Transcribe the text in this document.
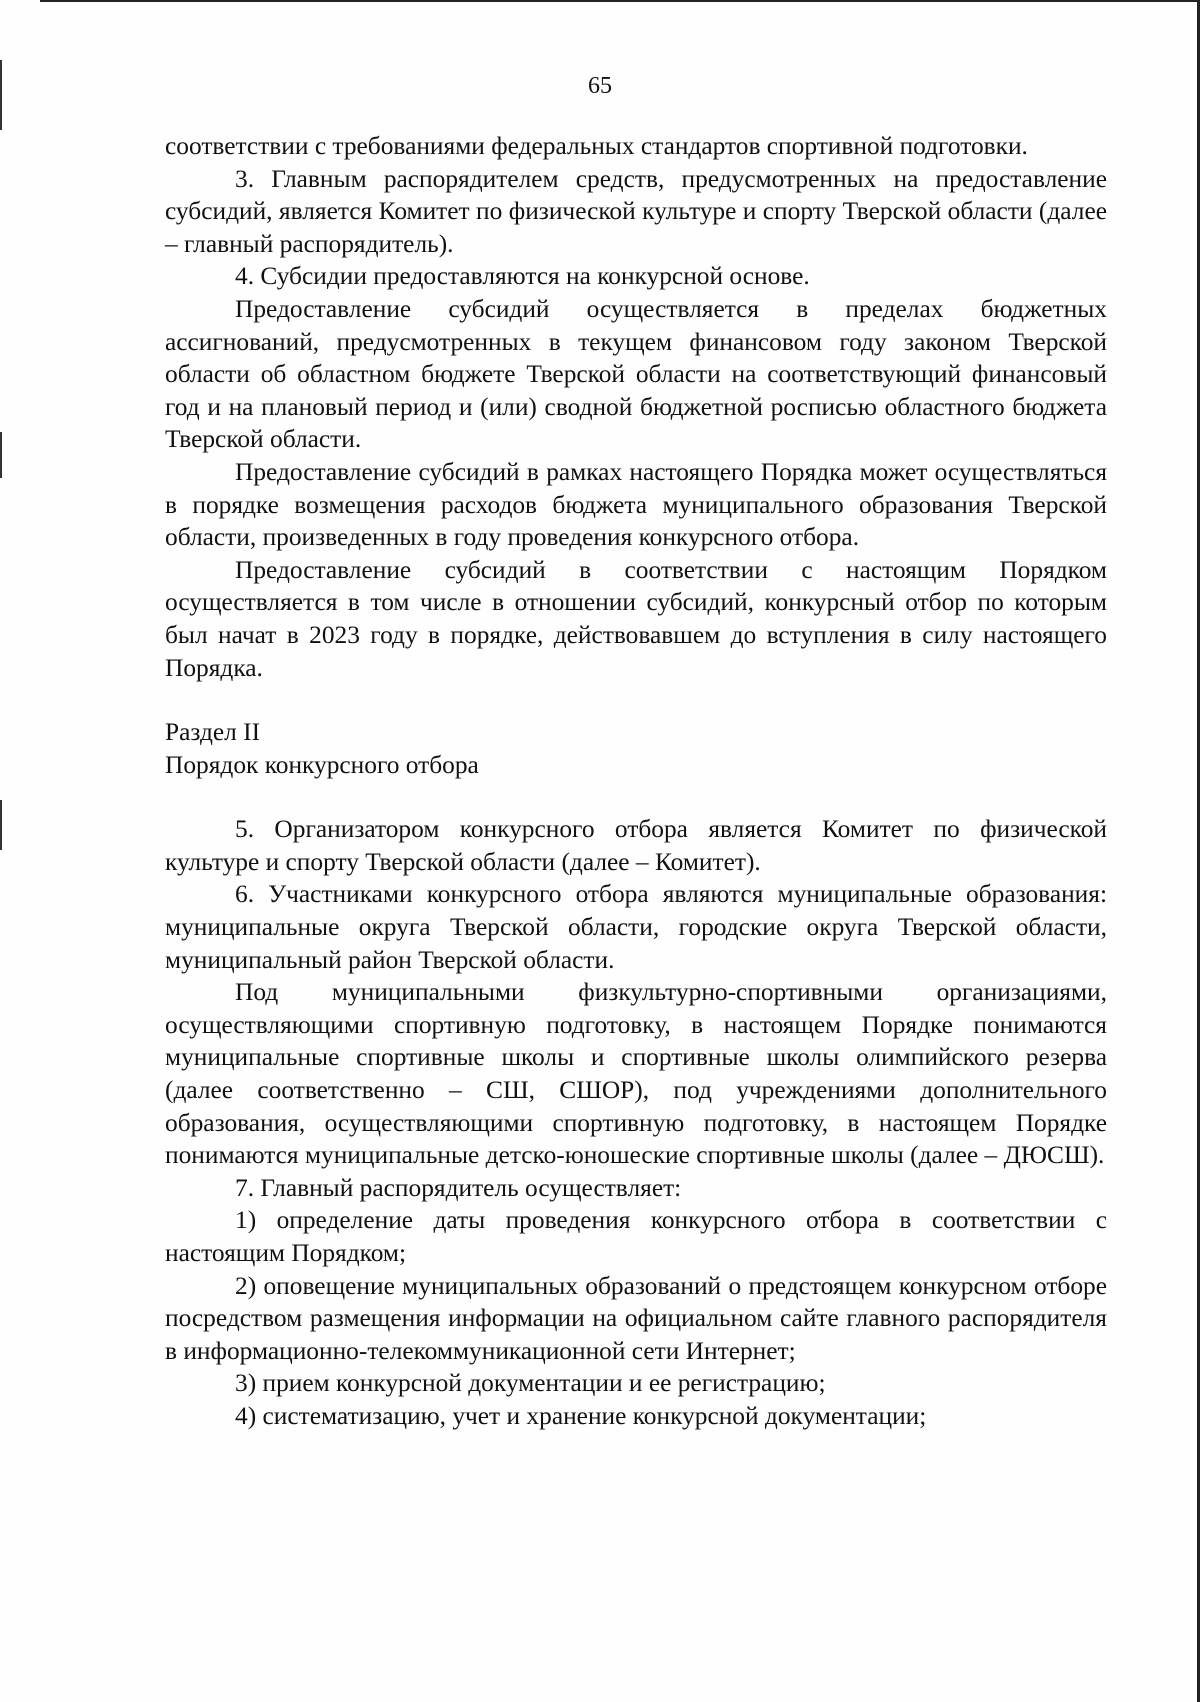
65

соответствии с требованиями федеральных стандартов спортивной подготовки.

3. Главным распорядителем средств, предусмотренных на предоставление субсидий, является Комитет по физической культуре и спорту Тверской области (далее – главный распорядитель).

4. Субсидии предоставляются на конкурсной основе.

Предоставление субсидий осуществляется в пределах бюджетных ассигнований, предусмотренных в текущем финансовом году законом Тверской области об областном бюджете Тверской области на соответствующий финансовый год и на плановый период и (или) сводной бюджетной росписью областного бюджета Тверской области.

Предоставление субсидий в рамках настоящего Порядка может осуществляться в порядке возмещения расходов бюджета муниципального образования Тверской области, произведенных в году проведения конкурсного отбора.

Предоставление субсидий в соответствии с настоящим Порядком осуществляется в том числе в отношении субсидий, конкурсный отбор по которым был начат в 2023 году в порядке, действовавшем до вступления в силу настоящего Порядка.

Раздел II

Порядок конкурсного отбора

5. Организатором конкурсного отбора является Комитет по физической культуре и спорту Тверской области (далее – Комитет).

6. Участниками конкурсного отбора являются муниципальные образования: муниципальные округа Тверской области, городские округа Тверской области, муниципальный район Тверской области.

Под муниципальными физкультурно-спортивными организациями, осуществляющими спортивную подготовку, в настоящем Порядке понимаются муниципальные спортивные школы и спортивные школы олимпийского резерва (далее соответственно – СШ, СШОР), под учреждениями дополнительного образования, осуществляющими спортивную подготовку, в настоящем Порядке понимаются муниципальные детско-юношеские спортивные школы (далее – ДЮСШ).

7. Главный распорядитель осуществляет:

1) определение даты проведения конкурсного отбора в соответствии с настоящим Порядком;

2) оповещение муниципальных образований о предстоящем конкурсном отборе посредством размещения информации на официальном сайте главного распорядителя в информационно-телекоммуникационной сети Интернет;

3) прием конкурсной документации и ее регистрацию;

4) систематизацию, учет и хранение конкурсной документации;
